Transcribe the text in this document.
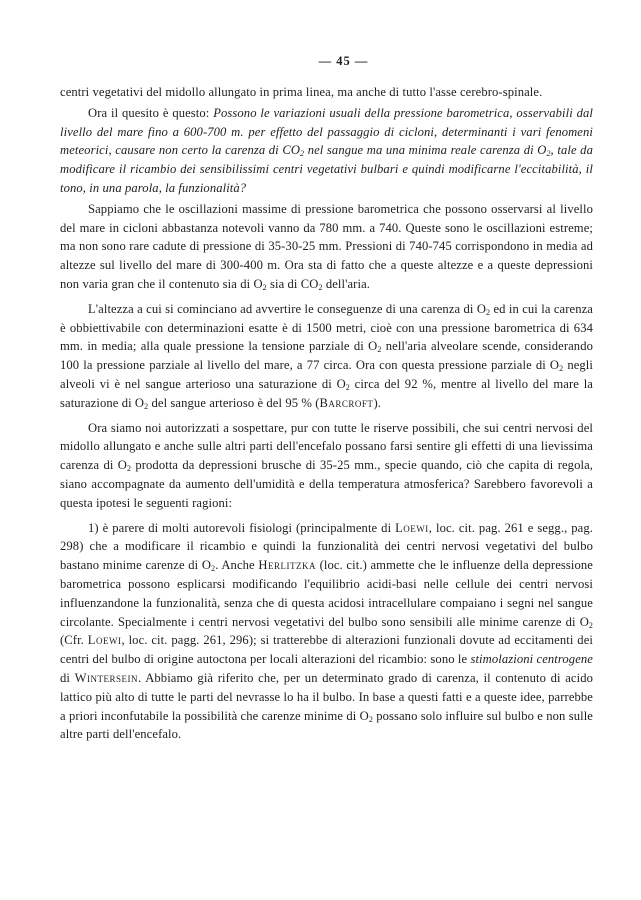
— 45 —

centri vegetativi del midollo allungato in prima linea, ma anche di tutto l'asse cerebro-spinale.

Ora il quesito è questo: Possono le variazioni usuali della pressione barometrica, osservabili dal livello del mare fino a 600-700 m. per effetto del passaggio di cicloni, determinanti i vari fenomeni meteorici, causare non certo la carenza di $CO_2$ nel sangue ma una minima reale carenza di $O_2$, tale da modificare il ricambio dei sensibilissimi centri vegetativi bulbari e quindi modificarne l'eccitabilità, il tono, in una parola, la funzionalità?

Sappiamo che le oscillazioni massime di pressione barometrica che possono osservarsi al livello del mare in cicloni abbastanza notevoli vanno da 780 mm. a 740. Queste sono le oscillazioni estreme; ma non sono rare cadute di pressione di 35-30-25 mm. Pressioni di 740-745 corrispondono in media ad altezze sul livello del mare di 300-400 m. Ora sta di fatto che a queste altezze e a queste depressioni non varia gran che il contenuto sia di $O_2$ sia di $CO_2$ dell'aria.

L'altezza a cui si cominciano ad avvertire le conseguenze di una carenza di $O_2$ ed in cui la carenza è obbiettivabile con determinazioni esatte è di 1500 metri, cioè con una pressione barometrica di 634 mm. in media; alla quale pressione la tensione parziale di $O_2$ nell'aria alveolare scende, considerando 100 la pressione parziale al livello del mare, a 77 circa. Ora con questa pressione parziale di $O_2$ negli alveoli vi è nel sangue arterioso una saturazione di $O_2$ circa del 92 %, mentre al livello del mare la saturazione di $O_2$ del sangue arterioso è del 95 % (Barcroft).

Ora siamo noi autorizzati a sospettare, pur con tutte le riserve possibili, che sui centri nervosi del midollo allungato e anche sulle altri parti dell'encefalo possano farsi sentire gli effetti di una lievissima carenza di $O_2$ prodotta da depressioni brusche di 35-25 mm., specie quando, ciò che capita di regola, siano accompagnate da aumento dell'umidità e della temperatura atmosferica? Sarebbero favorevoli a questa ipotesi le seguenti ragioni:

1) è parere di molti autorevoli fisiologi (principalmente di Loewi, loc. cit. pag. 261 e segg., pag. 298) che a modificare il ricambio e quindi la funzionalità dei centri nervosi vegetativi del bulbo bastano minime carenze di $O_2$. Anche Herlitzka (loc. cit.) ammette che le influenze della depressione barometrica possono esplicarsi modificando l'equilibrio acidi-basi nelle cellule dei centri nervosi influenzandone la funzionalità, senza che di questa acidosi intracellulare compaiano i segni nel sangue circolante. Specialmente i centri nervosi vegetativi del bulbo sono sensibili alle minime carenze di $O_2$ (Cfr. Loewi, loc. cit. pagg. 261, 296); si tratterebbe di alterazioni funzionali dovute ad eccitamenti dei centri del bulbo di origine autoctona per locali alterazioni del ricambio: sono le stimolazioni centrogene di Wintersein. Abbiamo già riferito che, per un determinato grado di carenza, il contenuto di acido lattico più alto di tutte le parti del nevrasse lo ha il bulbo. In base a questi fatti e a queste idee, parrebbe a priori inconfutabile la possibilità che carenze minime di $O_2$ possano solo influire sul bulbo e non sulle altre parti dell'encefalo.
